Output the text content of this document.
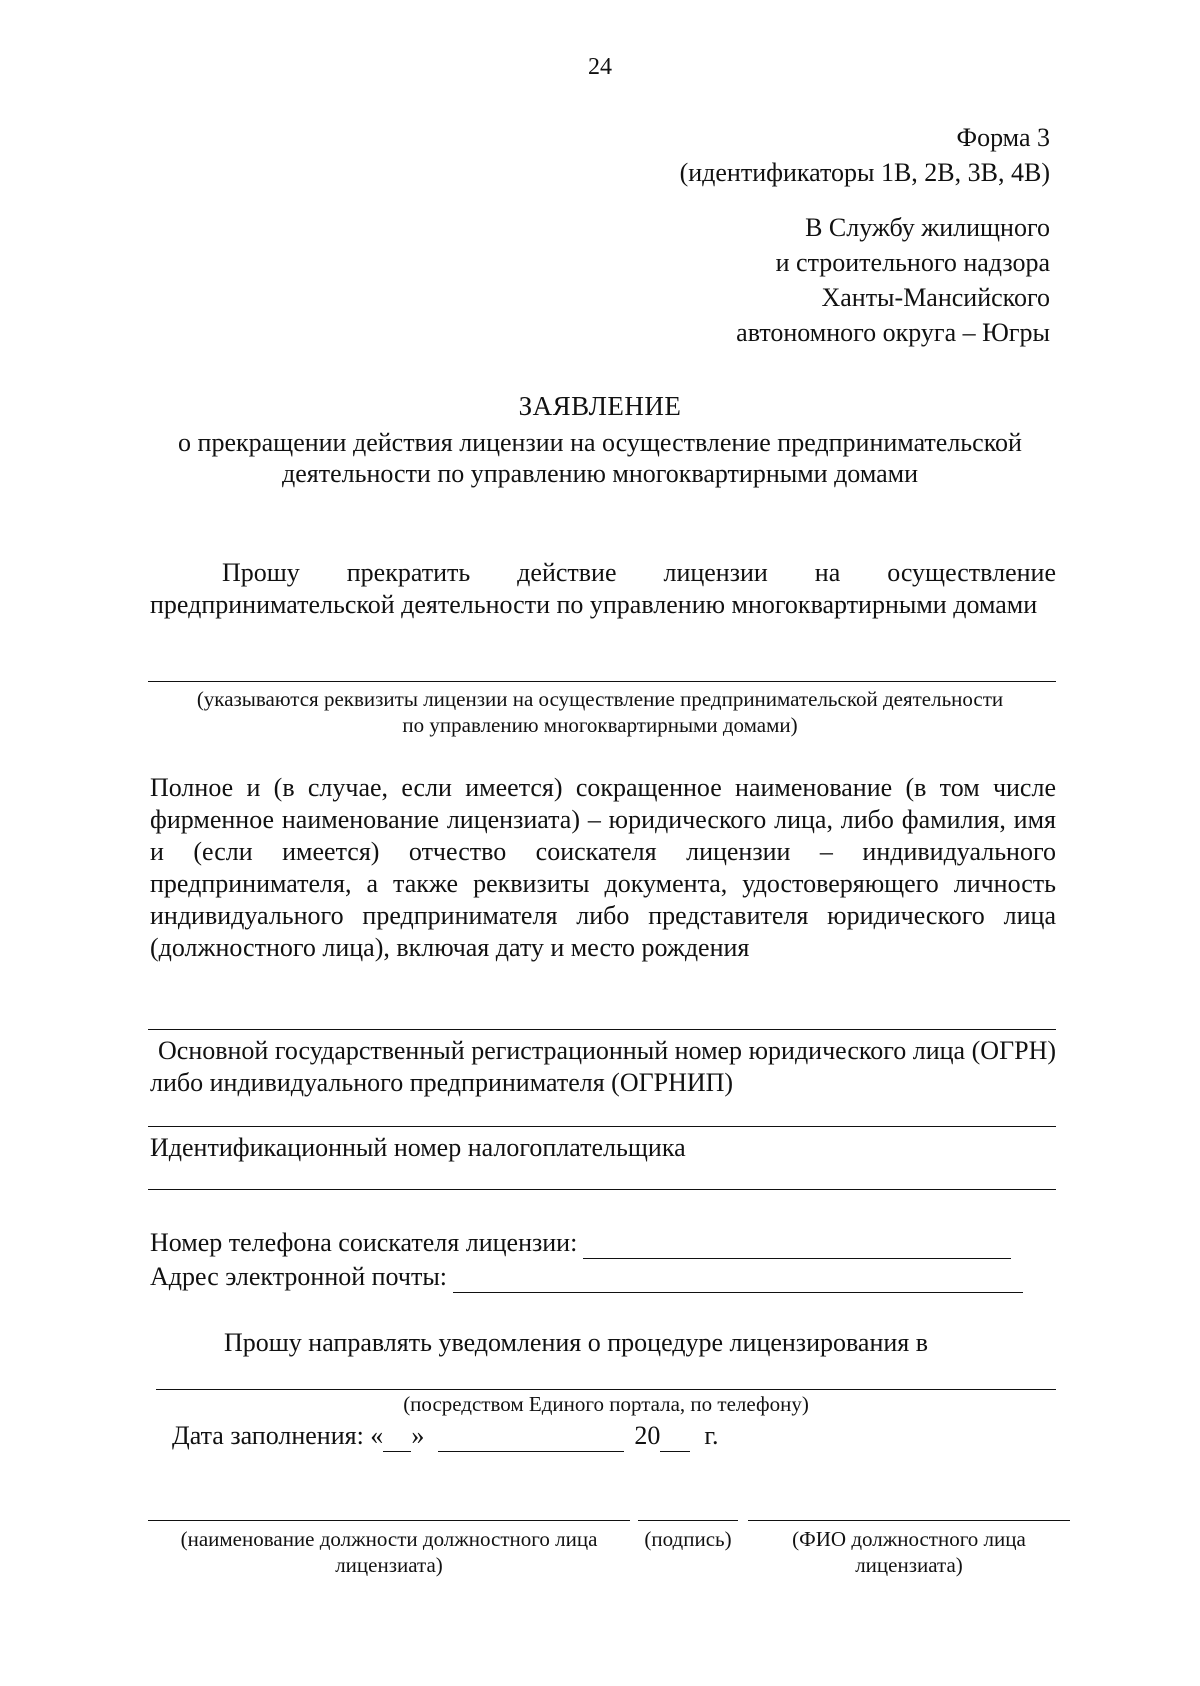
24
Форма 3
(идентификаторы 1В, 2В, 3В, 4В)
В Службу жилищного
и строительного надзора
Ханты-Мансийского
автономного округа – Югры
ЗАЯВЛЕНИЕ
о прекращении действия лицензии на осуществление предпринимательской деятельности по управлению многоквартирными домами
Прошу прекратить действие лицензии на осуществление предпринимательской деятельности по управлению многоквартирными домами
(указываются реквизиты лицензии на осуществление предпринимательской деятельности по управлению многоквартирными домами)
Полное и (в случае, если имеется) сокращенное наименование (в том числе фирменное наименование лицензиата) – юридического лица, либо фамилия, имя и (если имеется) отчество соискателя лицензии – индивидуального предпринимателя, а также реквизиты документа, удостоверяющего личность индивидуального предпринимателя либо представителя юридического лица (должностного лица), включая дату и место рождения
Основной государственный регистрационный номер юридического лица (ОГРН) либо индивидуального предпринимателя (ОГРНИП)
Идентификационный номер налогоплательщика
Номер телефона соискателя лицензии:
Адрес электронной почты:
Прошу направлять уведомления о процедуре лицензирования в
(посредством Единого портала, по телефону)
Дата заполнения: « »	20 г.
(наименование должности должностного лица лицензиата)
(подпись)	(ФИО должностного лица лицензиата)
